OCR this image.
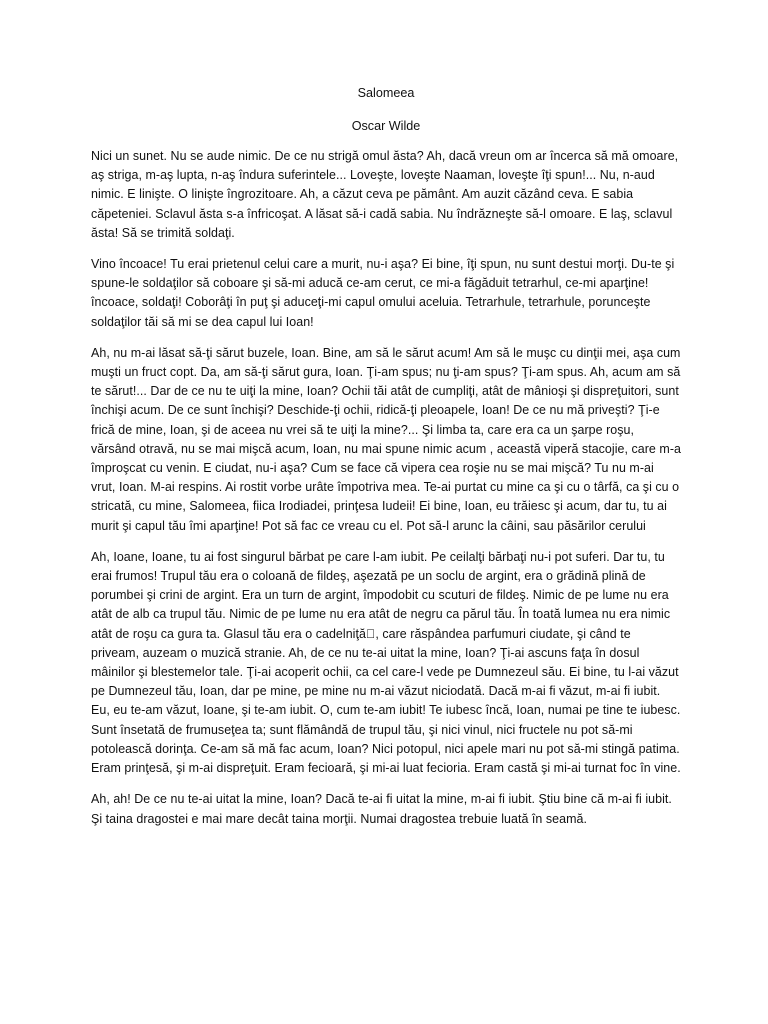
Salomeea
Oscar Wilde

Nici un sunet. Nu se aude nimic. De ce nu strigă omul ăsta? Ah, dacă vreun om ar încerca să mă omoare, aş striga, m-aş lupta, n-aş îndura suferintele... Loveşte, loveşte Naaman, loveşte îţi spun!... Nu, n-aud nimic. E linişte. O linişte îngrozitoare. Ah, a căzut ceva pe pământ. Am auzit căzând ceva. E sabia căpeteniei. Sclavul ăsta s-a înfricoşat. A lăsat să-i cadă sabia. Nu îndrăzneşte să-l omoare. E laş, sclavul ăsta! Să se trimită soldaţi.

Vino încoace! Tu erai prietenul celui care a murit, nu-i aşa? Ei bine, îţi spun, nu sunt destui morţi. Du-te şi spune-le soldaţilor să coboare şi să-mi aducă ce-am cerut, ce mi-a făgăduit tetrarhul, ce-mi aparţine! încoace, soldaţi! Coborâţi în puţ şi aduceţi-mi capul omului aceluia. Tetrarhule, tetrarhule, porunceşte soldaţilor tăi să mi se dea capul lui Ioan!

Ah, nu m-ai lăsat să-ţi sărut buzele, Ioan. Bine, am să le sărut acum! Am să le muşc cu dinţii mei, aşa cum muşti un fruct copt. Da, am să-ţi sărut gura, Ioan. Ţi-am spus; nu ţi-am spus? Ţi-am spus. Ah, acum am să te sărut!... Dar de ce nu te uiţi la mine, Ioan? Ochii tăi atât de cumpliţi, atât de mânioşi şi dispreţuitori, sunt închişi acum. De ce sunt închişi? Deschide-ţi ochii, ridică-ţi pleoapele, Ioan! De ce nu mă priveşti? Ţi-e frică de mine, Ioan, şi de aceea nu vrei să te uiţi la mine?... Şi limba ta, care era ca un şarpe roşu, vărsând otravă, nu se mai mişcă acum, Ioan, nu mai spune nimic acum , această viperă stacojie, care m-a împroşcat cu venin. E ciudat, nu-i aşa? Cum se face că vipera cea roşie nu se mai mişcă? Tu nu m-ai vrut, Ioan. M-ai respins. Ai rostit vorbe urâte împotriva mea. Te-ai purtat cu mine ca şi cu o târfă, ca şi cu o stricată, cu mine, Salomeea, fiica Irodiadei, prinţesa Iudeii! Ei bine, Ioan, eu trăiesc şi acum, dar tu, tu ai murit şi capul tău îmi aparţine! Pot să fac ce vreau cu el. Pot să-l arunc la câini, sau păsărilor cerului

Ah, Ioane, Ioane, tu ai fost singurul bărbat pe care l-am iubit. Pe ceilalţi bărbaţi nu-i pot suferi. Dar tu, tu erai frumos! Trupul tău era o coloană de fildeş, aşezată pe un soclu de argint, era o grădină plină de porumbei şi crini de argint. Era un turn de argint, împodobit cu scuturi de fildeş. Nimic de pe lume nu era atât de alb ca trupul tău. Nimic de pe lume nu era atât de negru ca părul tău. În toată lumea nu era nimic atât de roşu ca gura ta. Glasul tău era o cadelniţă , care răspândea parfumuri ciudate, şi când te priveam, auzeam o muzică stranie. Ah, de ce nu te-ai uitat la mine, Ioan? Ţi-ai ascuns faţa în dosul mâinilor şi blestemelor tale. Ţi-ai acoperit ochii, ca cel care-l vede pe Dumnezeul său. Ei bine, tu l-ai văzut pe Dumnezeul tău, Ioan, dar pe mine, pe mine nu m-ai văzut niciodată. Dacă m-ai fi văzut, m-ai fi iubit. Eu, eu te-am văzut, Ioane, şi te-am iubit. O, cum te-am iubit! Te iubesc încă, Ioan, numai pe tine te iubesc. Sunt însetată de frumuseţea ta; sunt flămândă de trupul tău, şi nici vinul, nici fructele nu pot să-mi potolească dorinţa. Ce-am să mă fac acum, Ioan? Nici potopul, nici apele mari nu pot să-mi stingă patima. Eram prinţesă, şi m-ai dispreţuit. Eram fecioară, şi mi-ai luat fecioria. Eram castă şi mi-ai turnat foc în vine.

Ah, ah! De ce nu te-ai uitat la mine, Ioan? Dacă te-ai fi uitat la mine, m-ai fi iubit. Ştiu bine că m-ai fi iubit. Şi taina dragostei e mai mare decât taina morţii. Numai dragostea trebuie luată în seamă.
